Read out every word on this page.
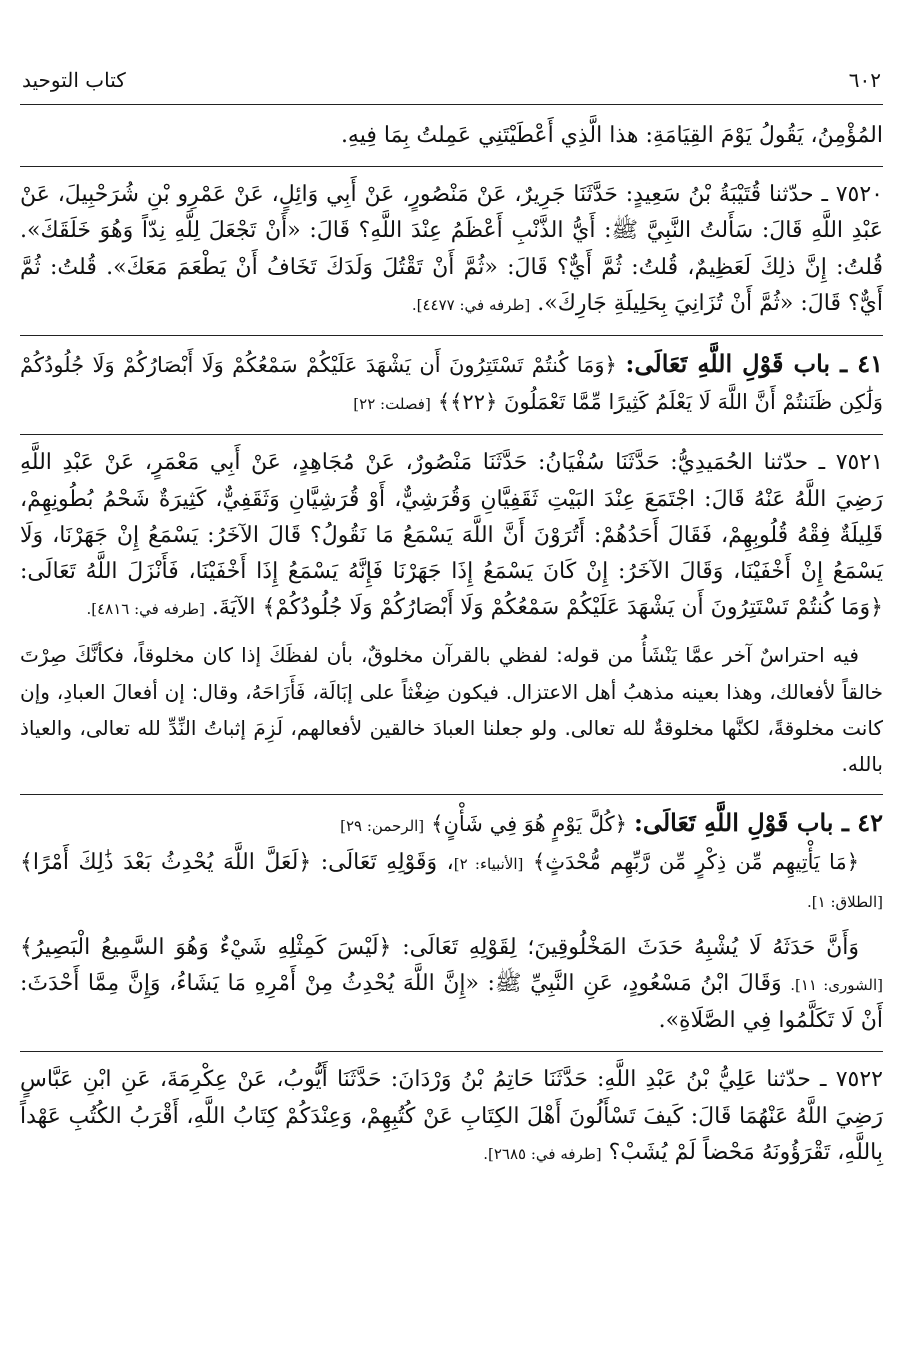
٦٠٢
كتاب التوحيد

المُؤْمِنُ، يَقُولُ يَوْمَ القِيَامَةِ: هذا الَّذِي أَعْطَيْتَنِي عَمِلتُ بِمَا فِيهِ.

٧٥٢٠ ـ حدّثنا قُتَيْبَةُ بْنُ سَعِيدٍ: حَدَّثَنَا جَرِيرٌ، عَنْ مَنْصُورٍ، عَنْ أَبِي وَائِلٍ، عَنْ عَمْرِو بْنِ شُرَحْبِيلَ، عَنْ عَبْدِ اللَّهِ قَالَ: سَأَلتُ النَّبِيَّ ﷺ: أَيُّ الذَّنْبِ أَعْظَمُ عِنْدَ اللَّهِ؟ قَالَ: «أَنْ تَجْعَلَ لِلَّهِ نِدّاً وَهُوَ خَلَقَكَ». قُلتُ: إِنَّ ذلِكَ لَعَظِيمٌ، قُلتُ: ثُمَّ أَيٌّ؟ قَالَ: «ثُمَّ أَنْ تَقْتُلَ وَلَدَكَ تَخَافُ أَنْ يَطْعَمَ مَعَكَ». قُلتُ: ثُمَّ أَيٌّ؟ قَالَ: «ثُمَّ أَنْ تُزَانِيَ بِحَلِيلَةِ جَارِكَ». [طرفه في: ٤٤٧٧].

٤١ ـ باب قَوْلِ اللَّهِ تَعَالَى: ﴿وَمَا كُنتُمْ تَسْتَتِرُونَ أَن يَشْهَدَ عَلَيْكُمْ سَمْعُكُمْ وَلَا أَبْصَارُكُمْ وَلَا جُلُودُكُمْ وَلَٰكِن ظَنَنتُمْ أَنَّ اللَّهَ لَا يَعْلَمُ كَثِيرًا مِّمَّا تَعْمَلُونَ ﴿٢٢﴾﴾ [فصلت: ٢٢]

٧٥٢١ ـ حدّثنا الحُمَيدِيُّ: حَدَّثَنَا سُفْيَانُ: حَدَّثَنَا مَنْصُورٌ، عَنْ مُجَاهِدٍ، عَنْ أَبِي مَعْمَرٍ، عَنْ عَبْدِ اللَّهِ رَضِيَ اللَّهُ عَنْهُ قَالَ: اجْتَمَعَ عِنْدَ البَيْتِ ثَقَفِيَّانِ وَقُرَشِيٌّ، أَوْ قُرَشِيَّانِ وَثَقَفِيٌّ، كَثِيرَةٌ شَحْمُ بُطُونِهِمْ، قَلِيلَةٌ فِقْهُ قُلُوبِهِمْ، فَقَالَ أَحَدُهُمْ: أَتُرَوْنَ أَنَّ اللَّهَ يَسْمَعُ مَا نَقُولُ؟ قَالَ الآخَرُ: يَسْمَعُ إِنْ جَهَرْنَا، وَلَا يَسْمَعُ إِنْ أَخْفَيْنَا، وَقَالَ الآخَرُ: إِنْ كَانَ يَسْمَعُ إِذَا جَهَرْنَا فَإِنَّهُ يَسْمَعُ إِذَا أَخْفَيْنَا، فَأَنْزَلَ اللَّهُ تَعَالَى: ﴿وَمَا كُنتُمْ تَسْتَتِرُونَ أَن يَشْهَدَ عَلَيْكُمْ سَمْعُكُمْ وَلَا أَبْصَارُكُمْ وَلَا جُلُودُكُمْ﴾ الآيَةَ. [طرفه في: ٤٨١٦].

فيه احتراسٌ آخر عمَّا يَنْشَأُ من قوله: لفظي بالقرآن مخلوقٌ، بأن لفظَكَ إذا كان مخلوقاً، فكأنَّكَ صِرْتَ خالقاً لأفعالك، وهذا بعينه مذهبُ أهل الاعتزال. فيكون ضِغْثاً على إبَالَة، فَأَزَاحَهُ، وقال: إن أفعالَ العبادِ، وإن كانت مخلوقةً، لكنَّها مخلوقةٌ لله تعالى. ولو جعلنا العبادَ خالقين لأفعالهم، لَزِمَ إثباتُ النِّدِّ لله تعالى، والعياذ بالله.

٤٢ ـ باب قَوْلِ اللَّهِ تَعَالَى: ﴿كُلَّ يَوْمٍ هُوَ فِي شَأْنٍ﴾ [الرحمن: ٢٩]

﴿مَا يَأْتِيهِم مِّن ذِكْرٍ مِّن رَّبِّهِم مُّحْدَثٍ﴾ [الأنبياء: ٢]، وَقَوْلِهِ تَعَالَى: ﴿لَعَلَّ اللَّهَ يُحْدِثُ بَعْدَ ذَٰلِكَ أَمْرًا﴾ [الطلاق: ١].

وَأَنَّ حَدَثَهُ لَا يُشْبِهُ حَدَثَ المَخْلُوقِينَ؛ لِقَوْلِهِ تَعَالَى: ﴿لَيْسَ كَمِثْلِهِ شَيْءٌ وَهُوَ السَّمِيعُ الْبَصِيرُ﴾ [الشورى: ١١]. وَقَالَ ابْنُ مَسْعُودٍ، عَنِ النَّبِيِّ ﷺ: «إِنَّ اللَّهَ يُحْدِثُ مِنْ أَمْرِهِ مَا يَشَاءُ، وَإِنَّ مِمَّا أَحْدَثَ: أَنْ لَا تَكَلَّمُوا فِي الصَّلَاةِ».

٧٥٢٢ ـ حدّثنا عَلِيُّ بْنُ عَبْدِ اللَّهِ: حَدَّثَنَا حَاتِمُ بْنُ وَرْدَانَ: حَدَّثَنَا أَيُّوبُ، عَنْ عِكْرِمَةَ، عَنِ ابْنِ عَبَّاسٍ رَضِيَ اللَّهُ عَنْهُمَا قَالَ: كَيفَ تَسْأَلُونَ أَهْلَ الكِتَابِ عَنْ كُتُبِهِمْ، وَعِنْدَكُمْ كِتَابُ اللَّهِ، أَقْرَبُ الكُتُبِ عَهْداً بِاللَّهِ، تَقْرَؤُونَهُ مَحْضاً لَمْ يُشَبْ؟ [طرفه في: ٢٦٨٥].
